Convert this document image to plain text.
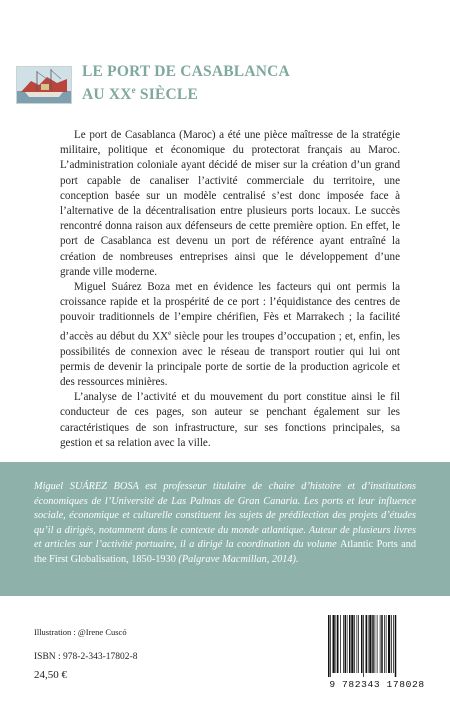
LE PORT DE CASABLANCA
AU XXe SIÈCLE

Le port de Casablanca (Maroc) a été une pièce maîtresse de la stratégie militaire, politique et économique du protectorat français au Maroc. L’administration coloniale ayant décidé de miser sur la création d’un grand port capable de canaliser l’activité commerciale du territoire, une conception basée sur un modèle centralisé s’est donc imposée face à l’alternative de la décentralisation entre plusieurs ports locaux. Le succès rencontré donna raison aux défenseurs de cette première option. En effet, le port de Casablanca est devenu un port de référence ayant entraîné la création de nombreuses entreprises ainsi que le développement d’une grande ville moderne.

Miguel Suárez Boza met en évidence les facteurs qui ont permis la croissance rapide et la prospérité de ce port : l’équidistance des centres de pouvoir traditionnels de l’empire chérifien, Fès et Marrakech ; la facilité d’accès au début du XXe siècle pour les troupes d’occupation ; et, enfin, les possibilités de connexion avec le réseau de transport routier qui lui ont permis de devenir la principale porte de sortie de la production agricole et des ressources minières.

L’analyse de l’activité et du mouvement du port constitue ainsi le fil conducteur de ces pages, son auteur se penchant également sur les caractéristiques de son infrastructure, sur ses fonctions principales, sa gestion et sa relation avec la ville.

Miguel SUÁREZ BOSA est professeur titulaire de chaire d’histoire et d’institutions économiques de l’Université de Las Palmas de Gran Canaria. Les ports et leur influence sociale, économique et culturelle constituent les sujets de prédilection des projets d’études qu’il a dirigés, notamment dans le contexte du monde atlantique. Auteur de plusieurs livres et articles sur l’activité portuaire, il a dirigé la coordination du volume Atlantic Ports and the First Globalisation, 1850-1930 (Palgrave Macmillan, 2014).
Illustration : @Irene Cuscó
ISBN : 978-2-343-17802-8
24,50 €
9 782343 178028
